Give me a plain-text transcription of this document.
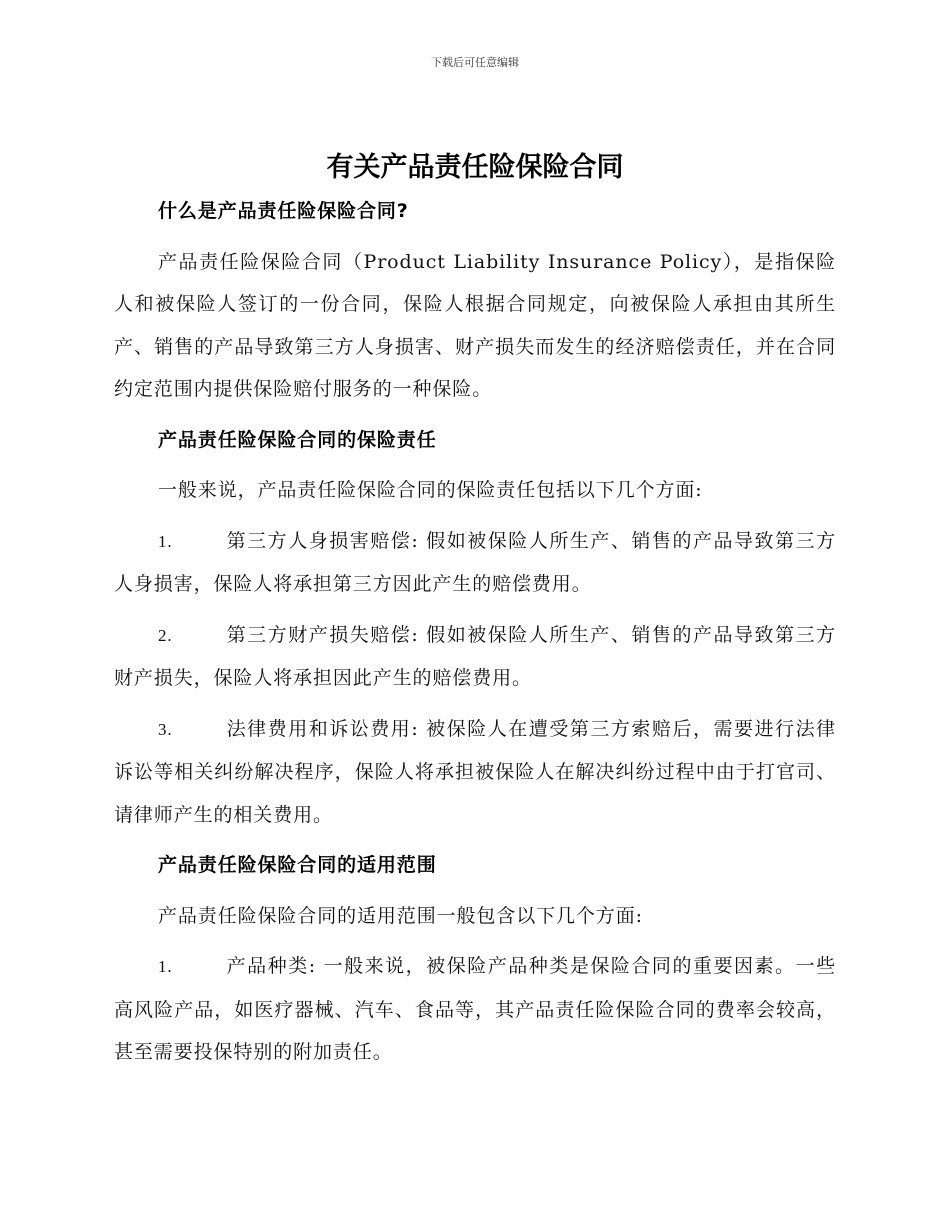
下载后可任意编辑
有关产品责任险保险合同

什么是产品责任险保险合同?

产品责任险保险合同（Product Liability Insurance Policy），是指保险人和被保险人签订的一份合同，保险人根据合同规定，向被保险人承担由其所生产、销售的产品导致第三方人身损害、财产损失而发生的经济赔偿责任，并在合同约定范围内提供保险赔付服务的一种保险。

产品责任险保险合同的保险责任

一般来说，产品责任险保险合同的保险责任包括以下几个方面:

1.	第三方人身损害赔偿: 假如被保险人所生产、销售的产品导致第三方人身损害，保险人将承担第三方因此产生的赔偿费用。

2.	第三方财产损失赔偿: 假如被保险人所生产、销售的产品导致第三方财产损失，保险人将承担因此产生的赔偿费用。

3.	法律费用和诉讼费用: 被保险人在遭受第三方索赔后，需要进行法律诉讼等相关纠纷解决程序，保险人将承担被保险人在解决纠纷过程中由于打官司、请律师产生的相关费用。

产品责任险保险合同的适用范围

产品责任险保险合同的适用范围一般包含以下几个方面:

1.	产品种类: 一般来说，被保险产品种类是保险合同的重要因素。一些高风险产品，如医疗器械、汽车、食品等，其产品责任险保险合同的费率会较高，甚至需要投保特别的附加责任。
